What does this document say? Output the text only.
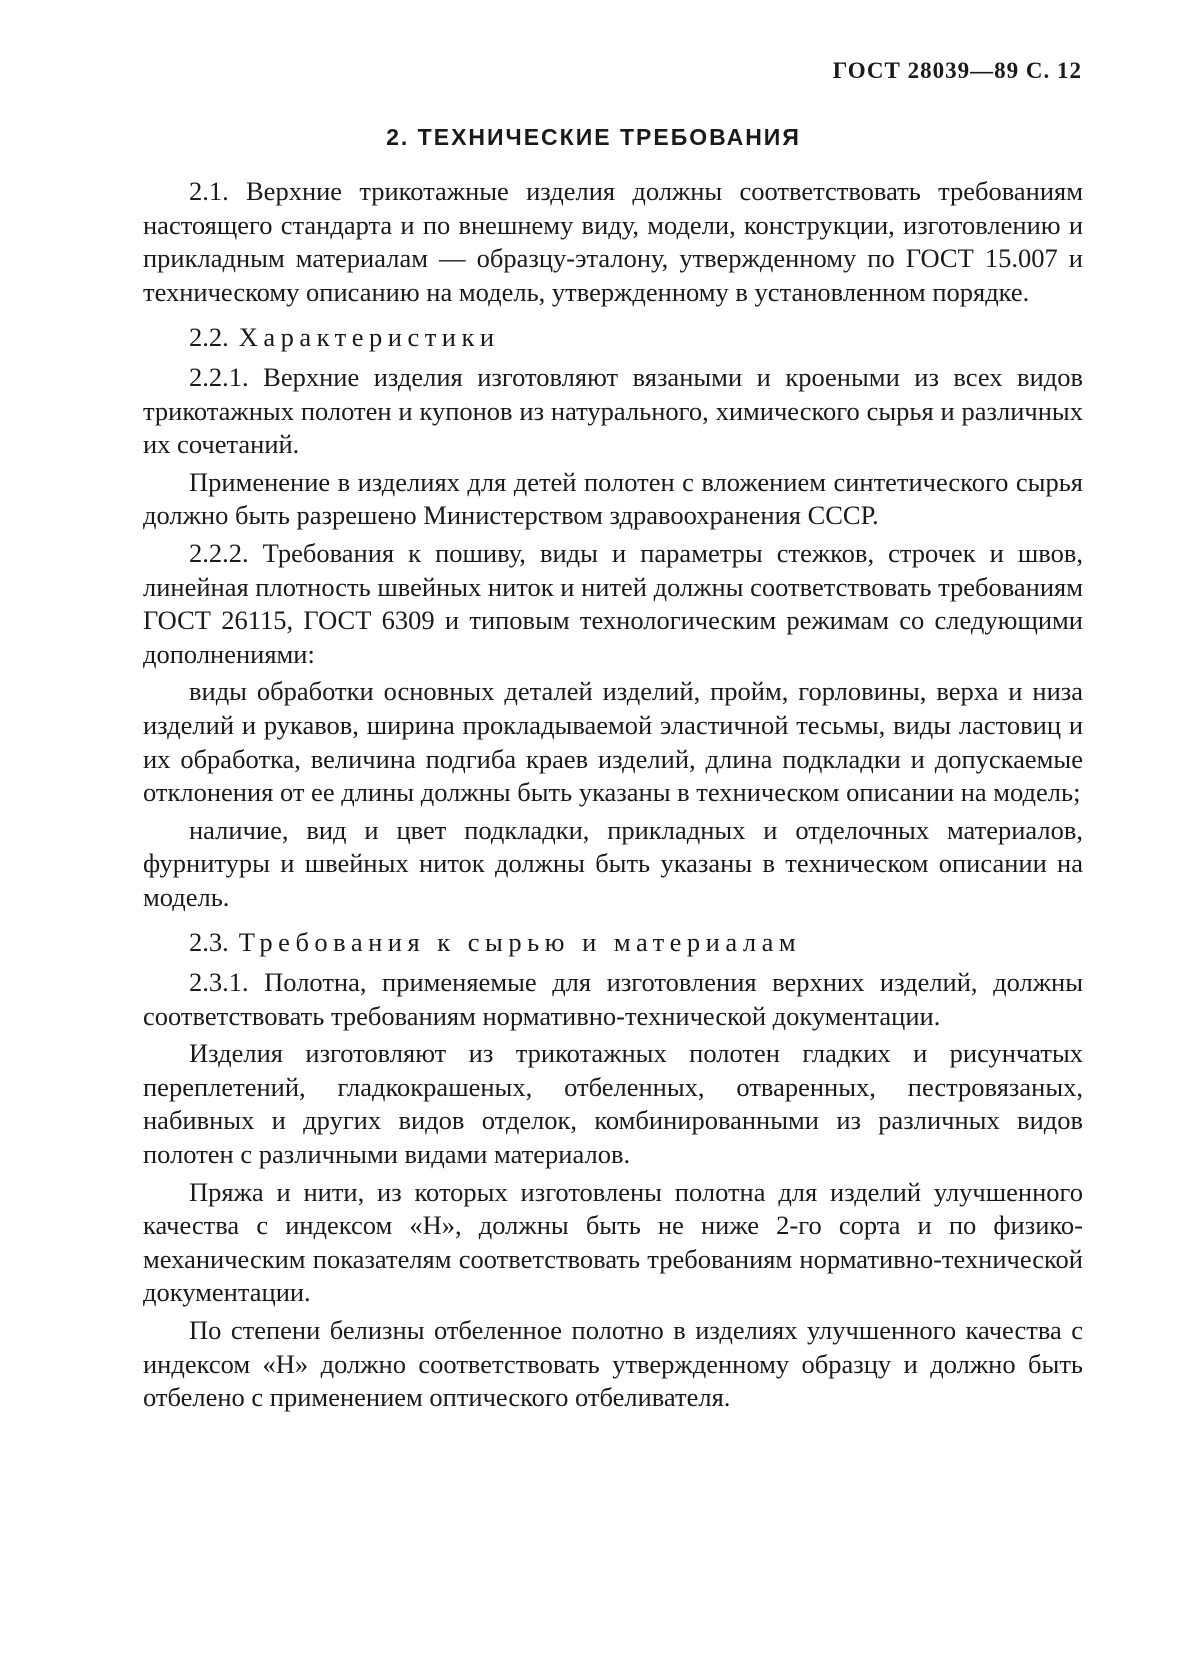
ГОСТ 28039—89 С. 12
2. ТЕХНИЧЕСКИЕ ТРЕБОВАНИЯ

2.1. Верхние трикотажные изделия должны соответствовать требованиям настоящего стандарта и по внешнему виду, модели, конструкции, изготовлению и прикладным материалам — образцу-эталону, утвержденному по ГОСТ 15.007 и техническому описанию на модель, утвержденному в установленном порядке.

2.2. Характеристики

2.2.1. Верхние изделия изготовляют вязаными и кроеными из всех видов трикотажных полотен и купонов из натурального, химического сырья и различных их сочетаний.

Применение в изделиях для детей полотен с вложением синтетического сырья должно быть разрешено Министерством здравоохранения СССР.

2.2.2. Требования к пошиву, виды и параметры стежков, строчек и швов, линейная плотность швейных ниток и нитей должны соответствовать требованиям ГОСТ 26115, ГОСТ 6309 и типовым технологическим режимам со следующими дополнениями:

виды обработки основных деталей изделий, пройм, горловины, верха и низа изделий и рукавов, ширина прокладываемой эластичной тесьмы, виды ластовиц и их обработка, величина подгиба краев изделий, длина подкладки и допускаемые отклонения от ее длины должны быть указаны в техническом описании на модель;

наличие, вид и цвет подкладки, прикладных и отделочных материалов, фурнитуры и швейных ниток должны быть указаны в техническом описании на модель.

2.3. Требования к сырью и материалам

2.3.1. Полотна, применяемые для изготовления верхних изделий, должны соответствовать требованиям нормативно-технической документации.

Изделия изготовляют из трикотажных полотен гладких и рисунчатых переплетений, гладкокрашеных, отбеленных, отваренных, пестровязаных, набивных и других видов отделок, комбинированными из различных видов полотен с различными видами материалов.

Пряжа и нити, из которых изготовлены полотна для изделий улучшенного качества с индексом «Н», должны быть не ниже 2-го сорта и по физико-механическим показателям соответствовать требованиям нормативно-технической документации.

По степени белизны отбеленное полотно в изделиях улучшенного качества с индексом «Н» должно соответствовать утвержденному образцу и должно быть отбелено с применением оптического отбеливателя.
